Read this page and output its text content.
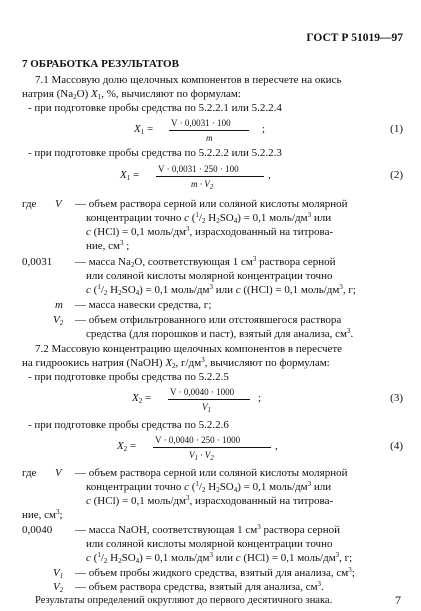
ГОСТ Р 51019—97
7 ОБРАБОТКА РЕЗУЛЬТАТОВ
7.1 Массовую долю щелочных компонентов в пересчете на окись
натрия $(Na_2O)$ $X_1$, %, вычисляют по формулам:
- при подготовке пробы средства по 5.2.2.1 или 5.2.2.4
$X_1 = V \cdot 0,0031 \cdot 100$
m
;	(1)
- при подготовке пробы средства по 5.2.2.2 или 5.2.2.3
$X_1 = V \cdot 0,0031 \cdot 250 \cdot 100$
$m \cdot V_2$
,	(2)
где V — объем раствора серной или соляной кислоты молярной
концентрации точно c ($^1/_2$ $H_2SO_4) = 0,1$ моль/$дм^3$ или
c (HCl) = 0,1 моль/$дм^3$, израсходованный на титрова-
ние, $см^3$ ;
0,0031 — масса $Na_2O$, соответствующая 1 $см^3$ раствора серной
или соляной кислоты молярной концентрации точно
c ($^1/_2$ $H_2SO_4) = 0,1$ моль/$дм^3$ или c ((HCl) = 0,1 моль/$дм^3$, г;
m — масса навески средства, г;
$V_2$ — объем отфильтрованного или отстоявшегося раствора
средства (для порошков и паст), взятый для анализа, $см^3$.
7.2 Массовую концентрацию щелочных компонентов в пересчете
на гидроокись натрия (NaOH) $X_2$, $г/дм^3$, вычисляют по формулам:
- при подготовке пробы средства по 5.2.2.5
$X_2 = V \cdot 0,0040 \cdot 1000$
$V_1$
;	(3)
- при подготовке пробы средства по 5.2.2.6
$X_2 = V \cdot 0,0040 \cdot 250 \cdot 1000$
$V_1 \cdot V_2$
,	(4)
где V — объем раствора серной или соляной кислоты молярной
концентрации точно c ($^1/_2$ $H_2SO_4) = 0,1$ моль/$дм^3$ или
c (HCl) = 0,1 моль/$дм^3$, израсходованный на титрова-
ние, $см^3$;
0,0040 — масса NaOH, соответствующая 1 $см^3$ раствора серной
или соляной кислоты молярной концентрации точно
c ($^1/_2$ $H_2SO_4) = 0,1$ моль/$дм^3$ или c (HCl) = 0,1 моль/$дм^3$, г;
$V_1$ — объем пробы жидкого средства, взятый для анализа, $см^3$;
$V_2$ — объем раствора средства, взятый для анализа, $см^3$.
Результаты определений округляют до первого десятичного знака.	7
